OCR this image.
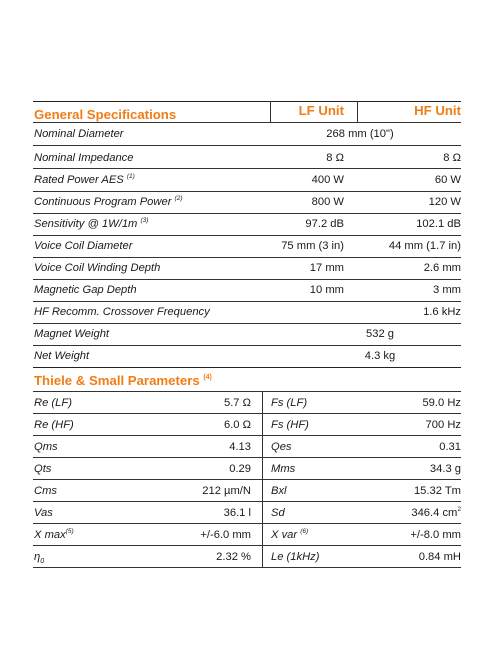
General Specifications	LF Unit	HF Unit
Nominal Diameter	268 mm (10")
Nominal Impedance	8 Ω	8 Ω
Rated Power AES $^{(1)}$	400 W	60 W
Continuous Program Power $^{(2)}$	800 W	120 W
Sensitivity @ 1W/1m $^{(3)}$	97.2 dB	102.1 dB
Voice Coil Diameter	75 mm (3 in)	44 mm (1.7 in)
Voice Coil Winding Depth	17 mm	2.6 mm
Magnetic Gap Depth	10 mm	3 mm
HF Recomm. Crossover Frequency	1.6 kHz
Magnet Weight	532 g
Net Weight	4.3 kg
Thiele & Small Parameters $^{(4)}$
Re (LF)	5.7 Ω Fs (LF)	59.0 Hz
Re (HF)	6.0 Ω Fs (HF)	700 Hz
Qms	4.13 Qes	0.31
Qts	0.29 Mms	34.3 g
Cms	212 µm/N Bxl	15.32 Tm
Vas	36.1 l Sd	346.4 $cm^2$
X $\max^{(5)}$	+/-6.0 mm X var $^{(6)}$	+/-8.0 mm
$\eta_0$	2.32 % Le (1kHz)	0.84 mH
